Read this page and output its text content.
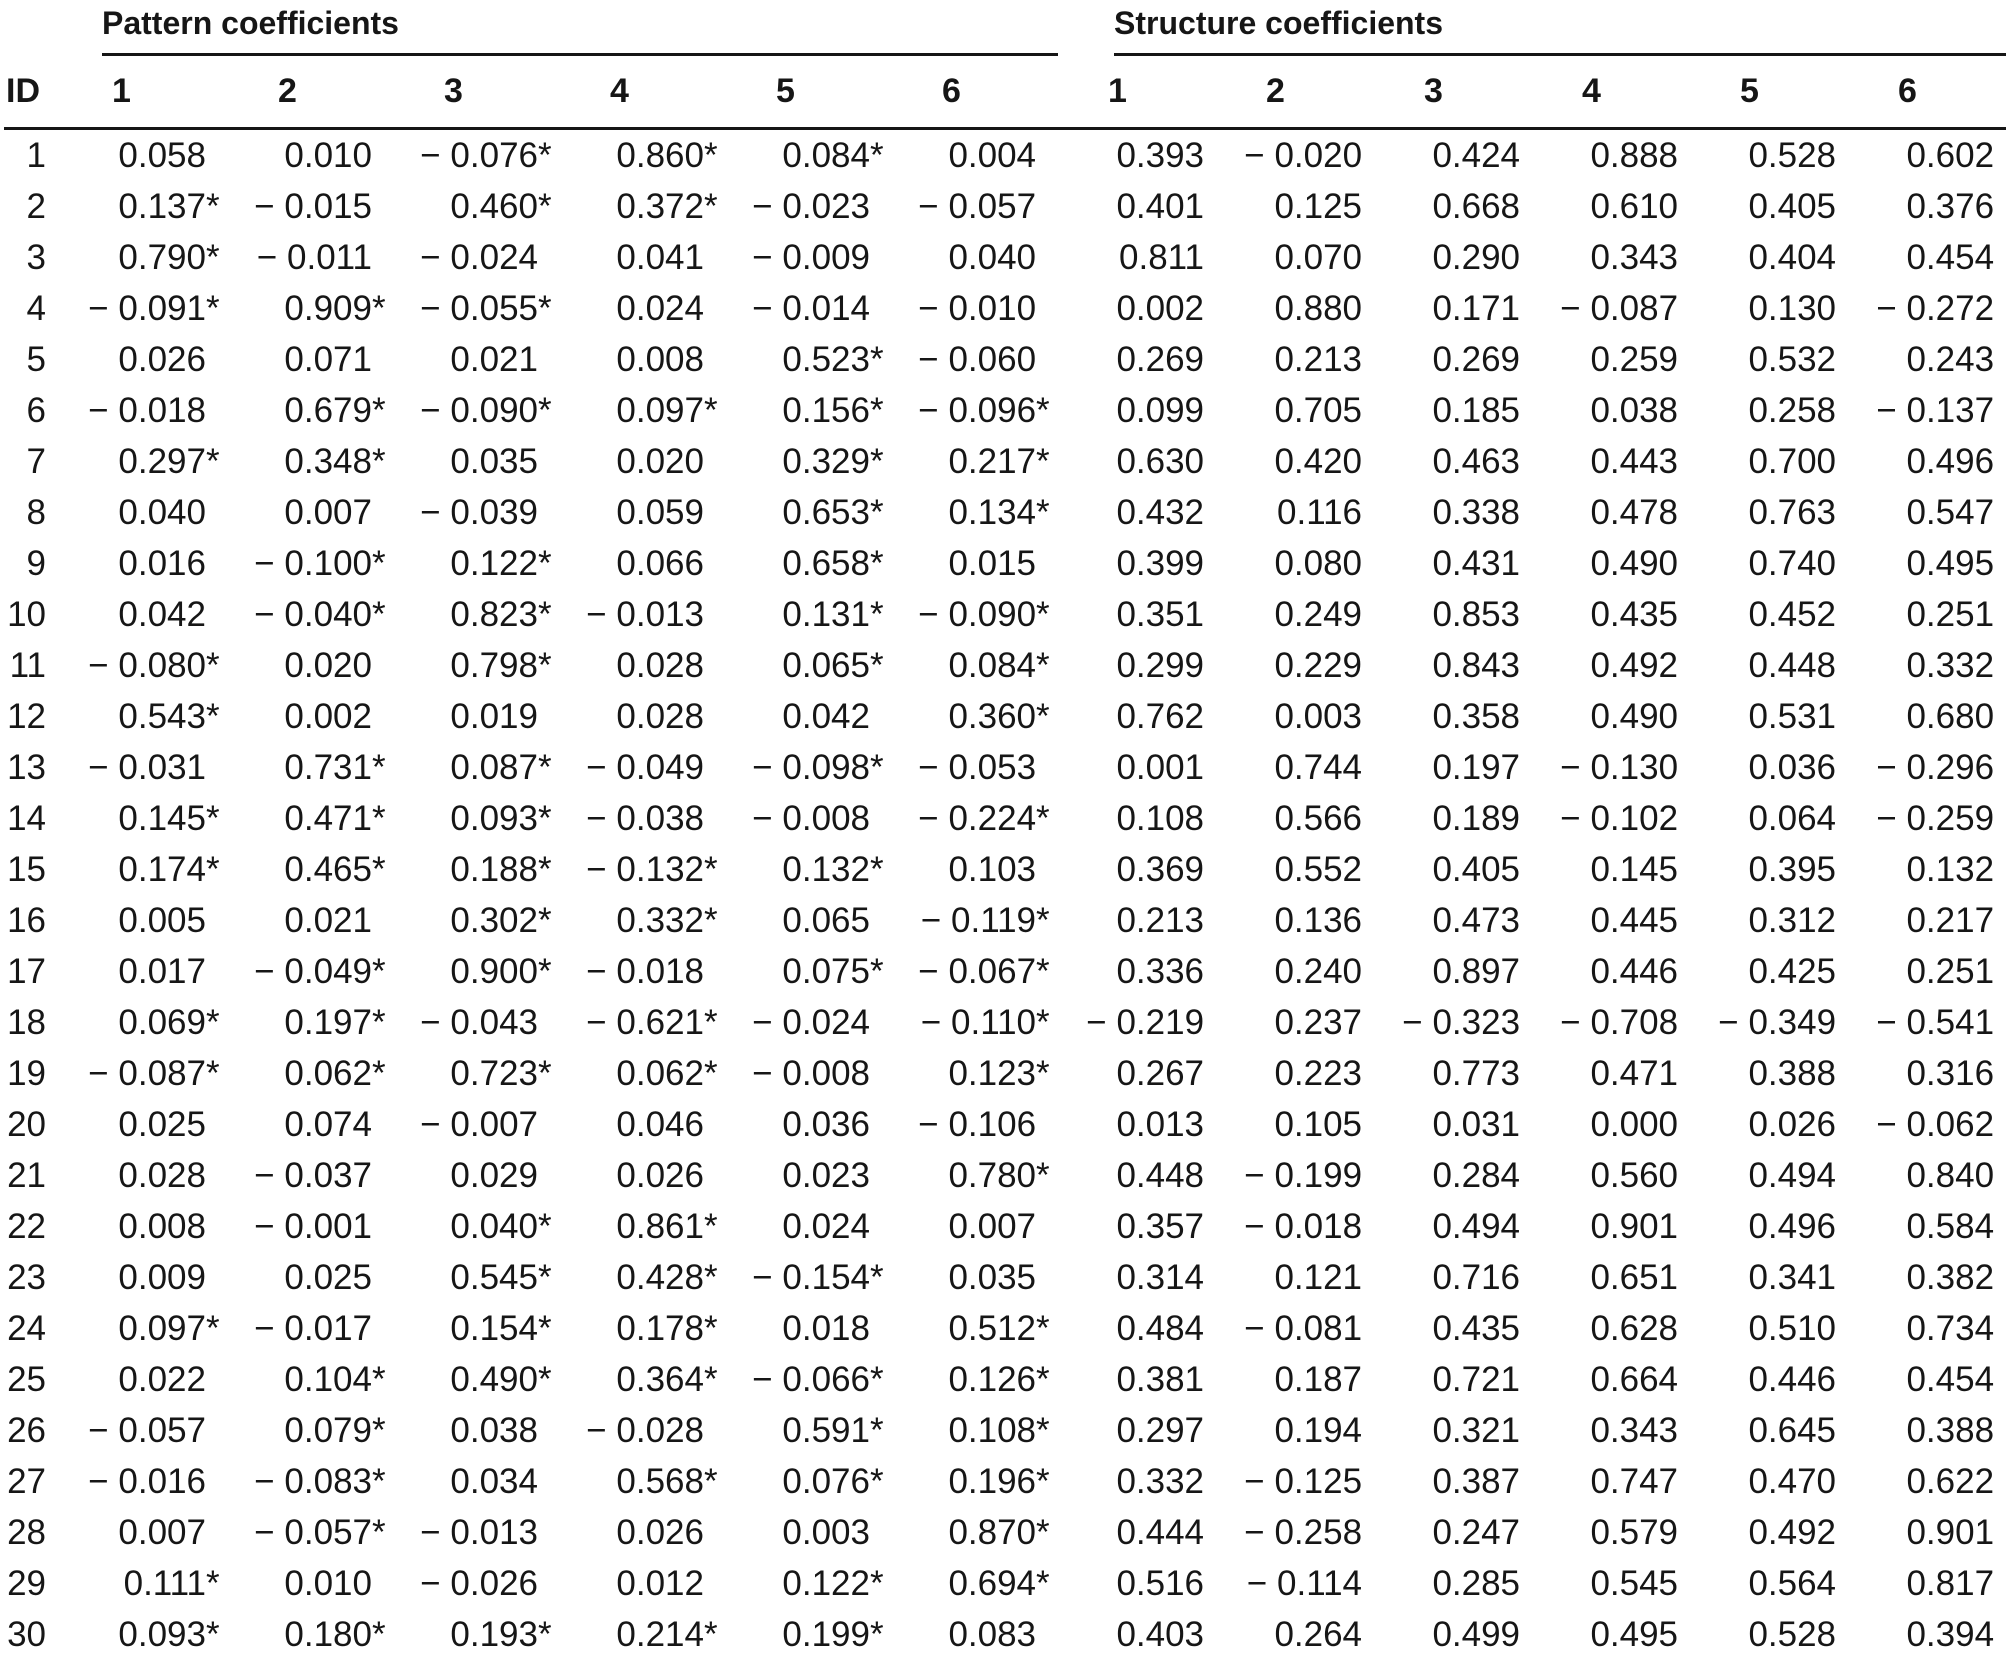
	Pattern coefficients						Structure coefficients					

ID	1	2	3	4	5	6	1	2	3	4	5	6
1	0.058	0.010	− 0.076*	0.860*	0.084*	0.004	0.393	− 0.020	0.424	0.888	0.528	0.602
2	0.137*	− 0.015	0.460*	0.372*	− 0.023	− 0.057	0.401	0.125	0.668	0.610	0.405	0.376
3	0.790*	− 0.011	− 0.024	0.041	− 0.009	0.040	0.811	0.070	0.290	0.343	0.404	0.454
4	− 0.091*	0.909*	− 0.055*	0.024	− 0.014	− 0.010	0.002	0.880	0.171	− 0.087	0.130	− 0.272
5	0.026	0.071	0.021	0.008	0.523*	− 0.060	0.269	0.213	0.269	0.259	0.532	0.243
6	− 0.018	0.679*	− 0.090*	0.097*	0.156*	− 0.096*	0.099	0.705	0.185	0.038	0.258	− 0.137
7	0.297*	0.348*	0.035	0.020	0.329*	0.217*	0.630	0.420	0.463	0.443	0.700	0.496
8	0.040	0.007	− 0.039	0.059	0.653*	0.134*	0.432	0.116	0.338	0.478	0.763	0.547
9	0.016	− 0.100*	0.122*	0.066	0.658*	0.015	0.399	0.080	0.431	0.490	0.740	0.495
10	0.042	− 0.040*	0.823*	− 0.013	0.131*	− 0.090*	0.351	0.249	0.853	0.435	0.452	0.251
11	− 0.080*	0.020	0.798*	0.028	0.065*	0.084*	0.299	0.229	0.843	0.492	0.448	0.332
12	0.543*	0.002	0.019	0.028	0.042	0.360*	0.762	0.003	0.358	0.490	0.531	0.680
13	− 0.031	0.731*	0.087*	− 0.049	− 0.098*	− 0.053	0.001	0.744	0.197	− 0.130	0.036	− 0.296
14	0.145*	0.471*	0.093*	− 0.038	− 0.008	− 0.224*	0.108	0.566	0.189	− 0.102	0.064	− 0.259
15	0.174*	0.465*	0.188*	− 0.132*	0.132*	0.103	0.369	0.552	0.405	0.145	0.395	0.132
16	0.005	0.021	0.302*	0.332*	0.065	− 0.119*	0.213	0.136	0.473	0.445	0.312	0.217
17	0.017	− 0.049*	0.900*	− 0.018	0.075*	− 0.067*	0.336	0.240	0.897	0.446	0.425	0.251
18	0.069*	0.197*	− 0.043	− 0.621*	− 0.024	− 0.110*	− 0.219	0.237	− 0.323	− 0.708	− 0.349	− 0.541
19	− 0.087*	0.062*	0.723*	0.062*	− 0.008	0.123*	0.267	0.223	0.773	0.471	0.388	0.316
20	0.025	0.074	− 0.007	0.046	0.036	− 0.106	0.013	0.105	0.031	0.000	0.026	− 0.062
21	0.028	− 0.037	0.029	0.026	0.023	0.780*	0.448	− 0.199	0.284	0.560	0.494	0.840
22	0.008	− 0.001	0.040*	0.861*	0.024	0.007	0.357	− 0.018	0.494	0.901	0.496	0.584
23	0.009	0.025	0.545*	0.428*	− 0.154*	0.035	0.314	0.121	0.716	0.651	0.341	0.382
24	0.097*	− 0.017	0.154*	0.178*	0.018	0.512*	0.484	− 0.081	0.435	0.628	0.510	0.734
25	0.022	0.104*	0.490*	0.364*	− 0.066*	0.126*	0.381	0.187	0.721	0.664	0.446	0.454
26	− 0.057	0.079*	0.038	− 0.028	0.591*	0.108*	0.297	0.194	0.321	0.343	0.645	0.388
27	− 0.016	− 0.083*	0.034	0.568*	0.076*	0.196*	0.332	− 0.125	0.387	0.747	0.470	0.622
28	0.007	− 0.057*	− 0.013	0.026	0.003	0.870*	0.444	− 0.258	0.247	0.579	0.492	0.901
29	0.111*	0.010	− 0.026	0.012	0.122*	0.694*	0.516	− 0.114	0.285	0.545	0.564	0.817
30	0.093*	0.180*	0.193*	0.214*	0.199*	0.083	0.403	0.264	0.499	0.495	0.528	0.394
